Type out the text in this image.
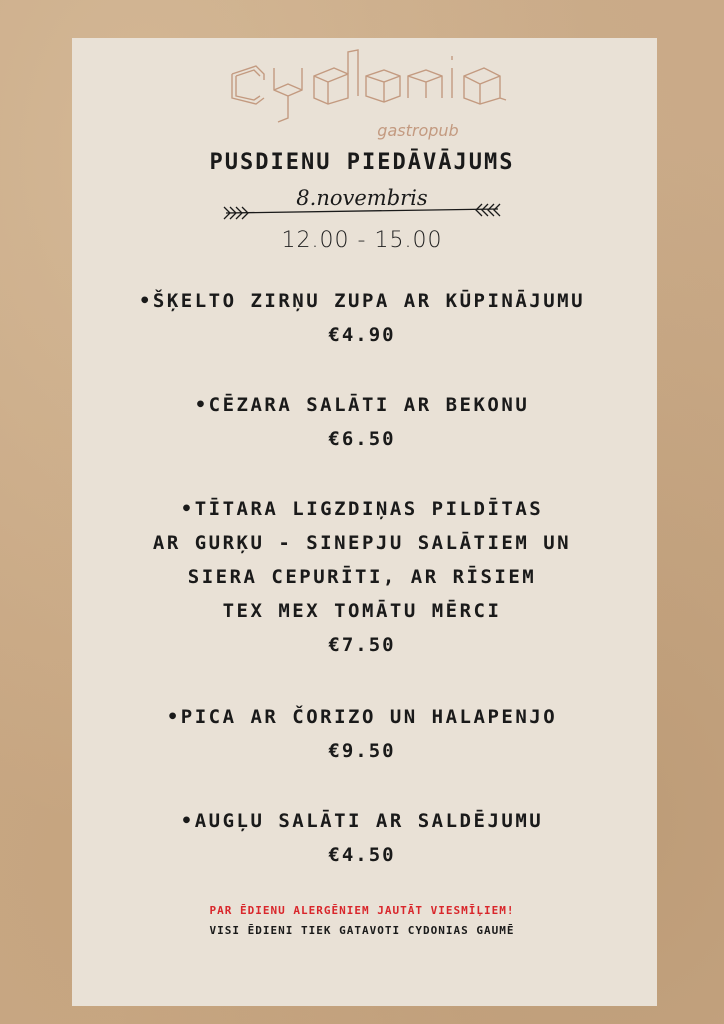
gastropub
PUSDIENU PIEDĀVĀJUMS
8.novembris
12.00 - 15.00
•ŠĶELTO ZIRŅU ZUPA AR KŪPINĀJUMU
€4.90
•CĒZARA SALĀTI AR BEKONU
€6.50
•TĪTARA LIGZDIŅAS PILDĪTAS
AR GURĶU - SINEPJU SALĀTIEM UN
SIERA CEPURĪTI, AR RĪSIEM
TEX MEX TOMĀTU MĒRCI
€7.50
•PICA AR ČORIZO UN HALAPENJO
€9.50
•AUGĻU SALĀTI AR SALDĒJUMU
€4.50
PAR ĒDIENU ALERGĒNIEM JAUTĀT VIESMĪĻIEM!
VISI ĒDIENI TIEK GATAVOTI CYDONIAS GAUMĒ
